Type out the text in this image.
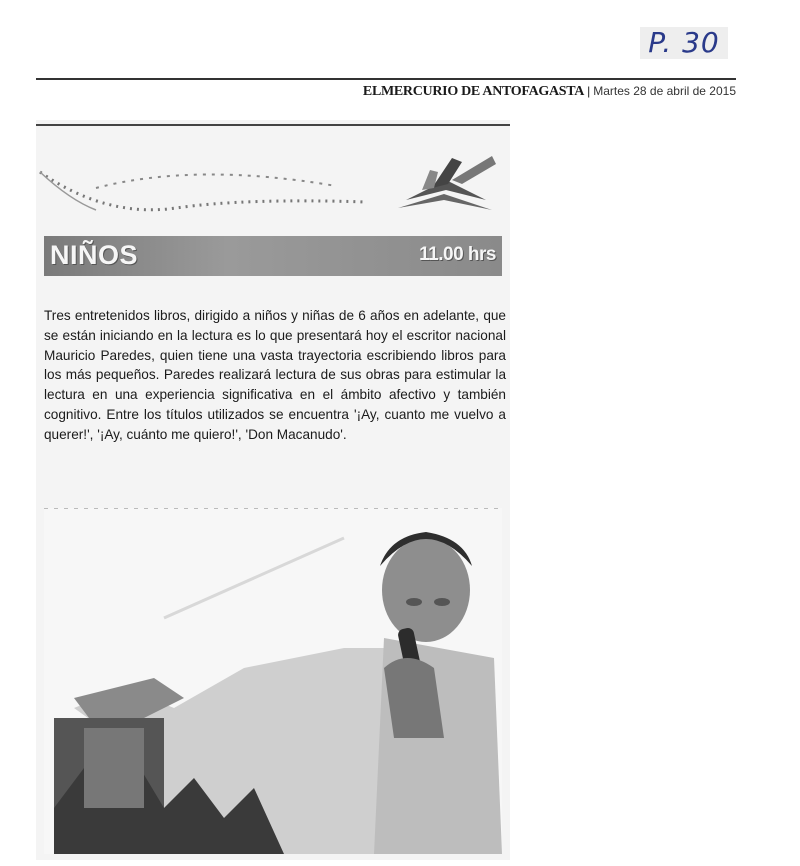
P. 30
ELMERCURIO DE ANTOFAGASTA | Martes 28 de abril de 2015
NIÑOS	11.00 hrs

Tres entretenidos libros, dirigido a niños y niñas de 6 años en adelante, que se están iniciando en la lectura es lo que presentará hoy el escritor nacional Mauricio Paredes, quien tiene una vasta trayectoria escribiendo libros para los más pequeños. Paredes realizará lectura de sus obras para estimular la lectura en una experiencia significativa en el ámbito afectivo y también cognitivo. Entre los títulos utilizados se encuentra '¡Ay, cuanto me vuelvo a querer!', '¡Ay, cuánto me quiero!', 'Don Macanudo'.
